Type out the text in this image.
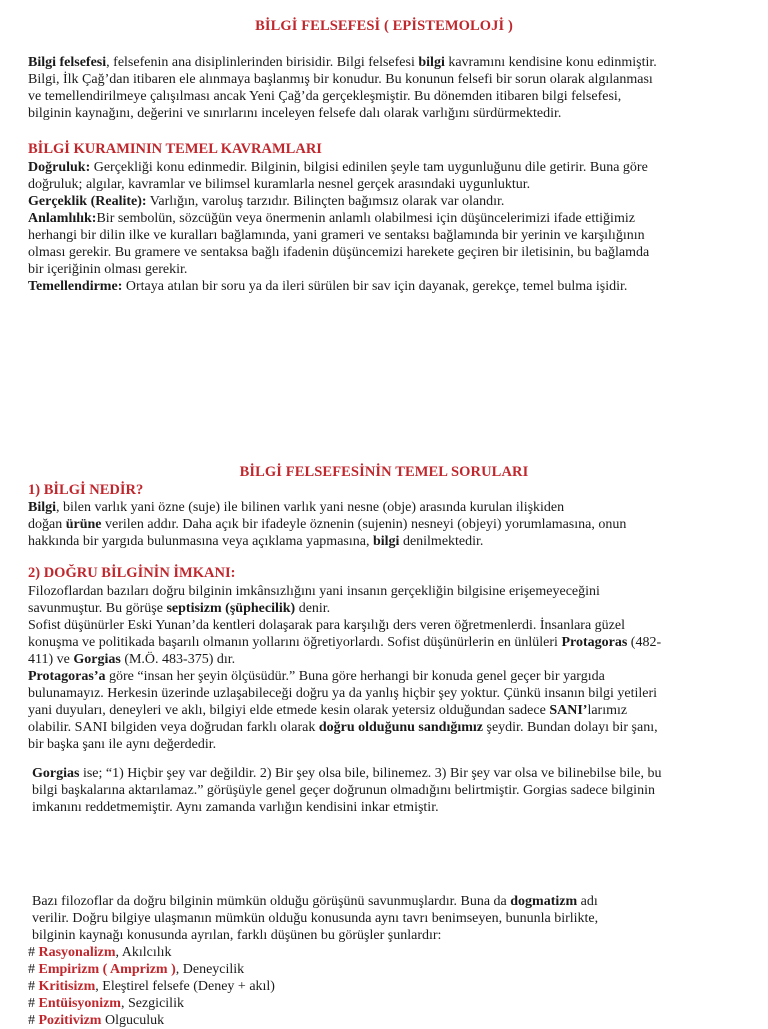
BİLGİ FELSEFESİ ( EPİSTEMOLOJİ )

Bilgi felsefesi, felsefenin ana disiplinlerinden birisidir. Bilgi felsefesi bilgi kavramını kendisine konu edinmiştir.
Bilgi, İlk Çağ’dan itibaren ele alınmaya başlanmış bir konudur. Bu konunun felsefi bir sorun olarak algılanması
ve temellendirilmeye çalışılması ancak Yeni Çağ’da gerçekleşmiştir. Bu dönemden itibaren bilgi felsefesi,
bilginin kaynağını, değerini ve sınırlarını inceleyen felsefe dalı olarak varlığını sürdürmektedir.

BİLGİ KURAMININ TEMEL KAVRAMLARI

Doğruluk: Gerçekliği konu edinmedir. Bilginin, bilgisi edinilen şeyle tam uygunluğunu dile getirir. Buna göre
doğruluk; algılar, kavramlar ve bilimsel kuramlarla nesnel gerçek arasındaki uygunluktur.
Gerçeklik (Realite): Varlığın, varoluş tarzıdır. Bilinçten bağımsız olarak var olandır.
Anlamlılık:Bir sembolün, sözcüğün veya önermenin anlamlı olabilmesi için düşüncelerimizi ifade ettiğimiz
herhangi bir dilin ilke ve kuralları bağlamında, yani grameri ve sentaksı bağlamında bir yerinin ve karşılığının
olması gerekir. Bu gramere ve sentaksa bağlı ifadenin düşüncemizi harekete geçiren bir iletisinin, bu bağlamda
bir içeriğinin olması gerekir.
Temellendirme: Ortaya atılan bir soru ya da ileri sürülen bir sav için dayanak, gerekçe, temel bulma işidir.

BİLGİ FELSEFESİNİN TEMEL SORULARI
1) BİLGİ NEDİR?

Bilgi, bilen varlık yani özne (suje) ile bilinen varlık yani nesne (obje) arasında kurulan ilişkiden
doğan ürüne verilen addır. Daha açık bir ifadeyle öznenin (sujenin) nesneyi (objeyi) yorumlamasına, onun
hakkında bir yargıda bulunmasına veya açıklama yapmasına, bilgi denilmektedir.

2) DOĞRU BİLGİNİN İMKANI:

Filozoflardan bazıları doğru bilginin imkânsızlığını yani insanın gerçekliğin bilgisine erişemeyeceğini
savunmuştur. Bu görüşe septisizm (şüphecilik) denir.
Sofist düşünürler Eski Yunan’da kentleri dolaşarak para karşılığı ders veren öğretmenlerdi. İnsanlara güzel
konuşma ve politikada başarılı olmanın yollarını öğretiyorlardı. Sofist düşünürlerin en ünlüleri Protagoras (482-
411) ve Gorgias (M.Ö. 483-375) dır.
Protagoras’a göre “insan her şeyin ölçüsüdür.” Buna göre herhangi bir konuda genel geçer bir yargıda
bulunamayız. Herkesin üzerinde uzlaşabileceği doğru ya da yanlış hiçbir şey yoktur. Çünkü insanın bilgi yetileri
yani duyuları, deneyleri ve aklı, bilgiyi elde etmede kesin olarak yetersiz olduğundan sadece SANI’larımız
olabilir. SANI bilgiden veya doğrudan farklı olarak doğru olduğunu sandığımız şeydir. Bundan dolayı bir şanı,
bir başka şanı ile aynı değerdedir.

Gorgias ise; “1) Hiçbir şey var değildir. 2) Bir şey olsa bile, bilinemez. 3) Bir şey var olsa ve bilinebilse bile, bu
bilgi başkalarına aktarılamaz.” görüşüyle genel geçer doğrunun olmadığını belirtmiştir. Gorgias sadece bilginin
imkanını reddetmemiştir. Aynı zamanda varlığın kendisini inkar etmiştir.

Bazı filozoflar da doğru bilginin mümkün olduğu görüşünü savunmuşlardır. Buna da dogmatizm adı
verilir. Doğru bilgiye ulaşmanın mümkün olduğu konusunda aynı tavrı benimseyen, bununla birlikte,
bilginin kaynağı konusunda ayrılan, farklı düşünen bu görüşler şunlardır:

# Rasyonalizm, Akılcılık
# Empirizm ( Amprizm ), Deneycilik
# Kritisizm, Eleştirel felsefe (Deney + akıl)
# Entüisyonizm, Sezgicilik
# Pozitivizm Olguculuk
